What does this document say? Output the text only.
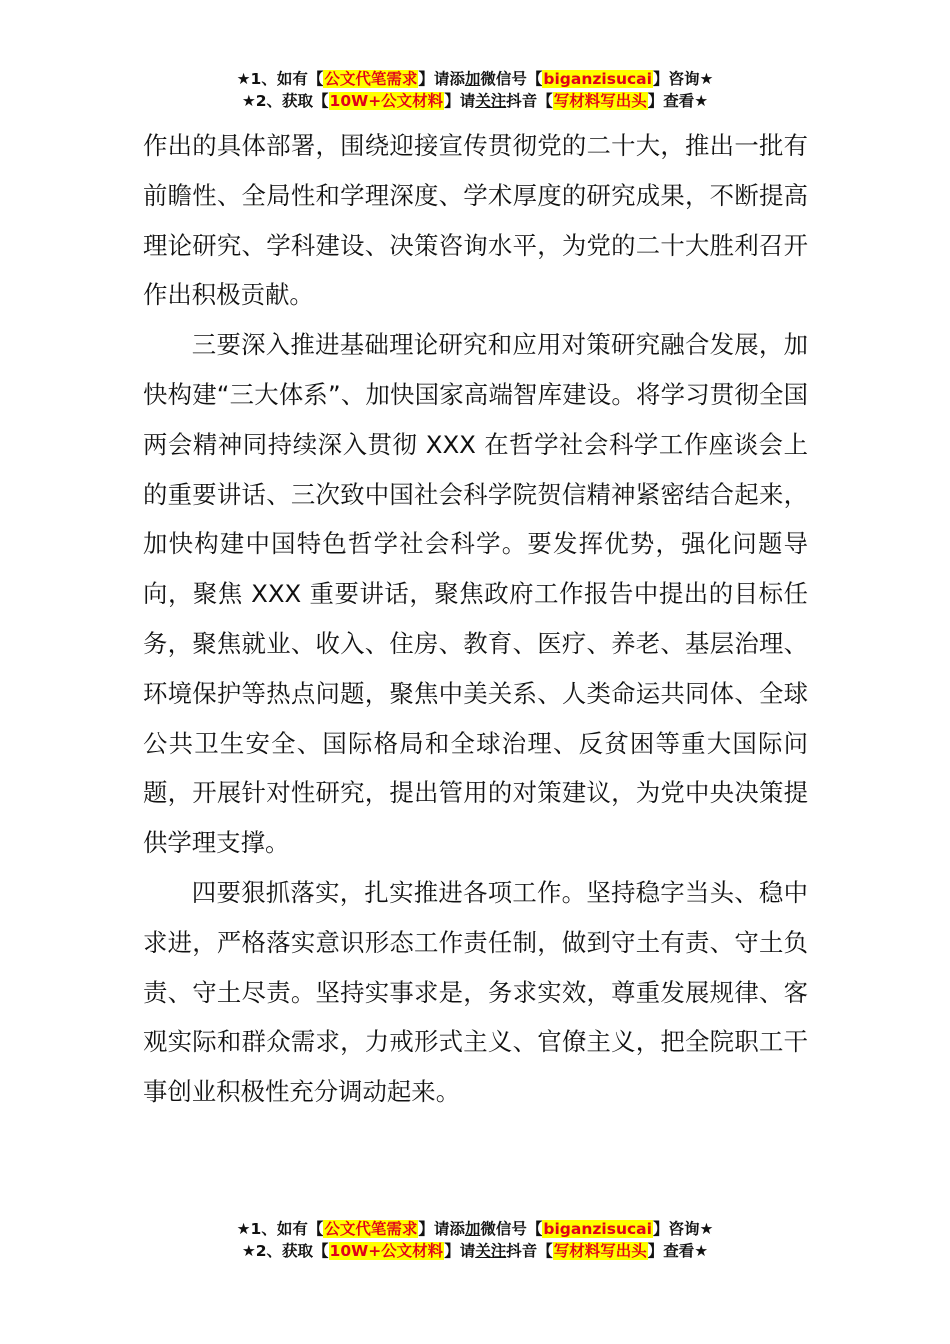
★1、如有【公文代笔需求】请添加微信号【biganzisucai】咨询★
★2、获取【10W+公文材料】请关注抖音【写材料写出头】查看★

作出的具体部署，围绕迎接宣传贯彻党的二十大，推出一批有前瞻性、全局性和学理深度、学术厚度的研究成果，不断提高理论研究、学科建设、决策咨询水平，为党的二十大胜利召开作出积极贡献。

三要深入推进基础理论研究和应用对策研究融合发展，加快构建“三大体系”、加快国家高端智库建设。将学习贯彻全国两会精神同持续深入贯彻 XXX 在哲学社会科学工作座谈会上的重要讲话、三次致中国社会科学院贺信精神紧密结合起来，加快构建中国特色哲学社会科学。要发挥优势，强化问题导向，聚焦 XXX 重要讲话，聚焦政府工作报告中提出的目标任务，聚焦就业、收入、住房、教育、医疗、养老、基层治理、环境保护等热点问题，聚焦中美关系、人类命运共同体、全球公共卫生安全、国际格局和全球治理、反贫困等重大国际问题，开展针对性研究，提出管用的对策建议，为党中央决策提供学理支撑。

四要狠抓落实，扎实推进各项工作。坚持稳字当头、稳中求进，严格落实意识形态工作责任制，做到守土有责、守土负责、守土尽责。坚持实事求是，务求实效，尊重发展规律、客观实际和群众需求，力戒形式主义、官僚主义，把全院职工干事创业积极性充分调动起来。

★1、如有【公文代笔需求】请添加微信号【biganzisucai】咨询★
★2、获取【10W+公文材料】请关注抖音【写材料写出头】查看★
